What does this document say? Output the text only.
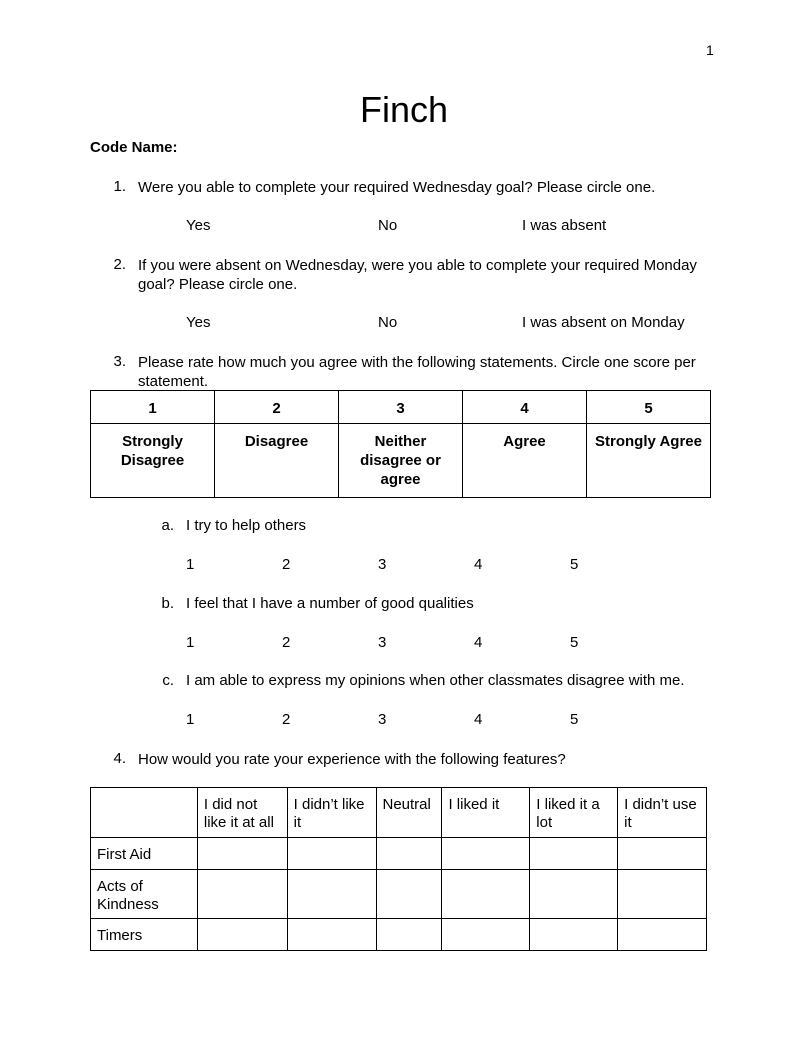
1
Finch
Code Name:
1. Were you able to complete your required Wednesday goal? Please circle one.
Yes	No	I was absent
2. If you were absent on Wednesday, were you able to complete your required Monday goal? Please circle one.
Yes	No	I was absent on Monday
3. Please rate how much you agree with the following statements. Circle one score per statement.
1	2	3	4	5
Strongly Disagree	Disagree	Neither disagree or agree	Agree	Strongly Agree
a. I try to help others
1	2	3	4	5
b. I feel that I have a number of good qualities
1	2	3	4	5
c. I am able to express my opinions when other classmates disagree with me.
1	2	3	4	5
4. How would you rate your experience with the following features?
	I did not like it at all	I didn’t like it	Neutral	I liked it	I liked it a lot	I didn’t use it
First Aid						
Acts of Kindness						
Timers						
